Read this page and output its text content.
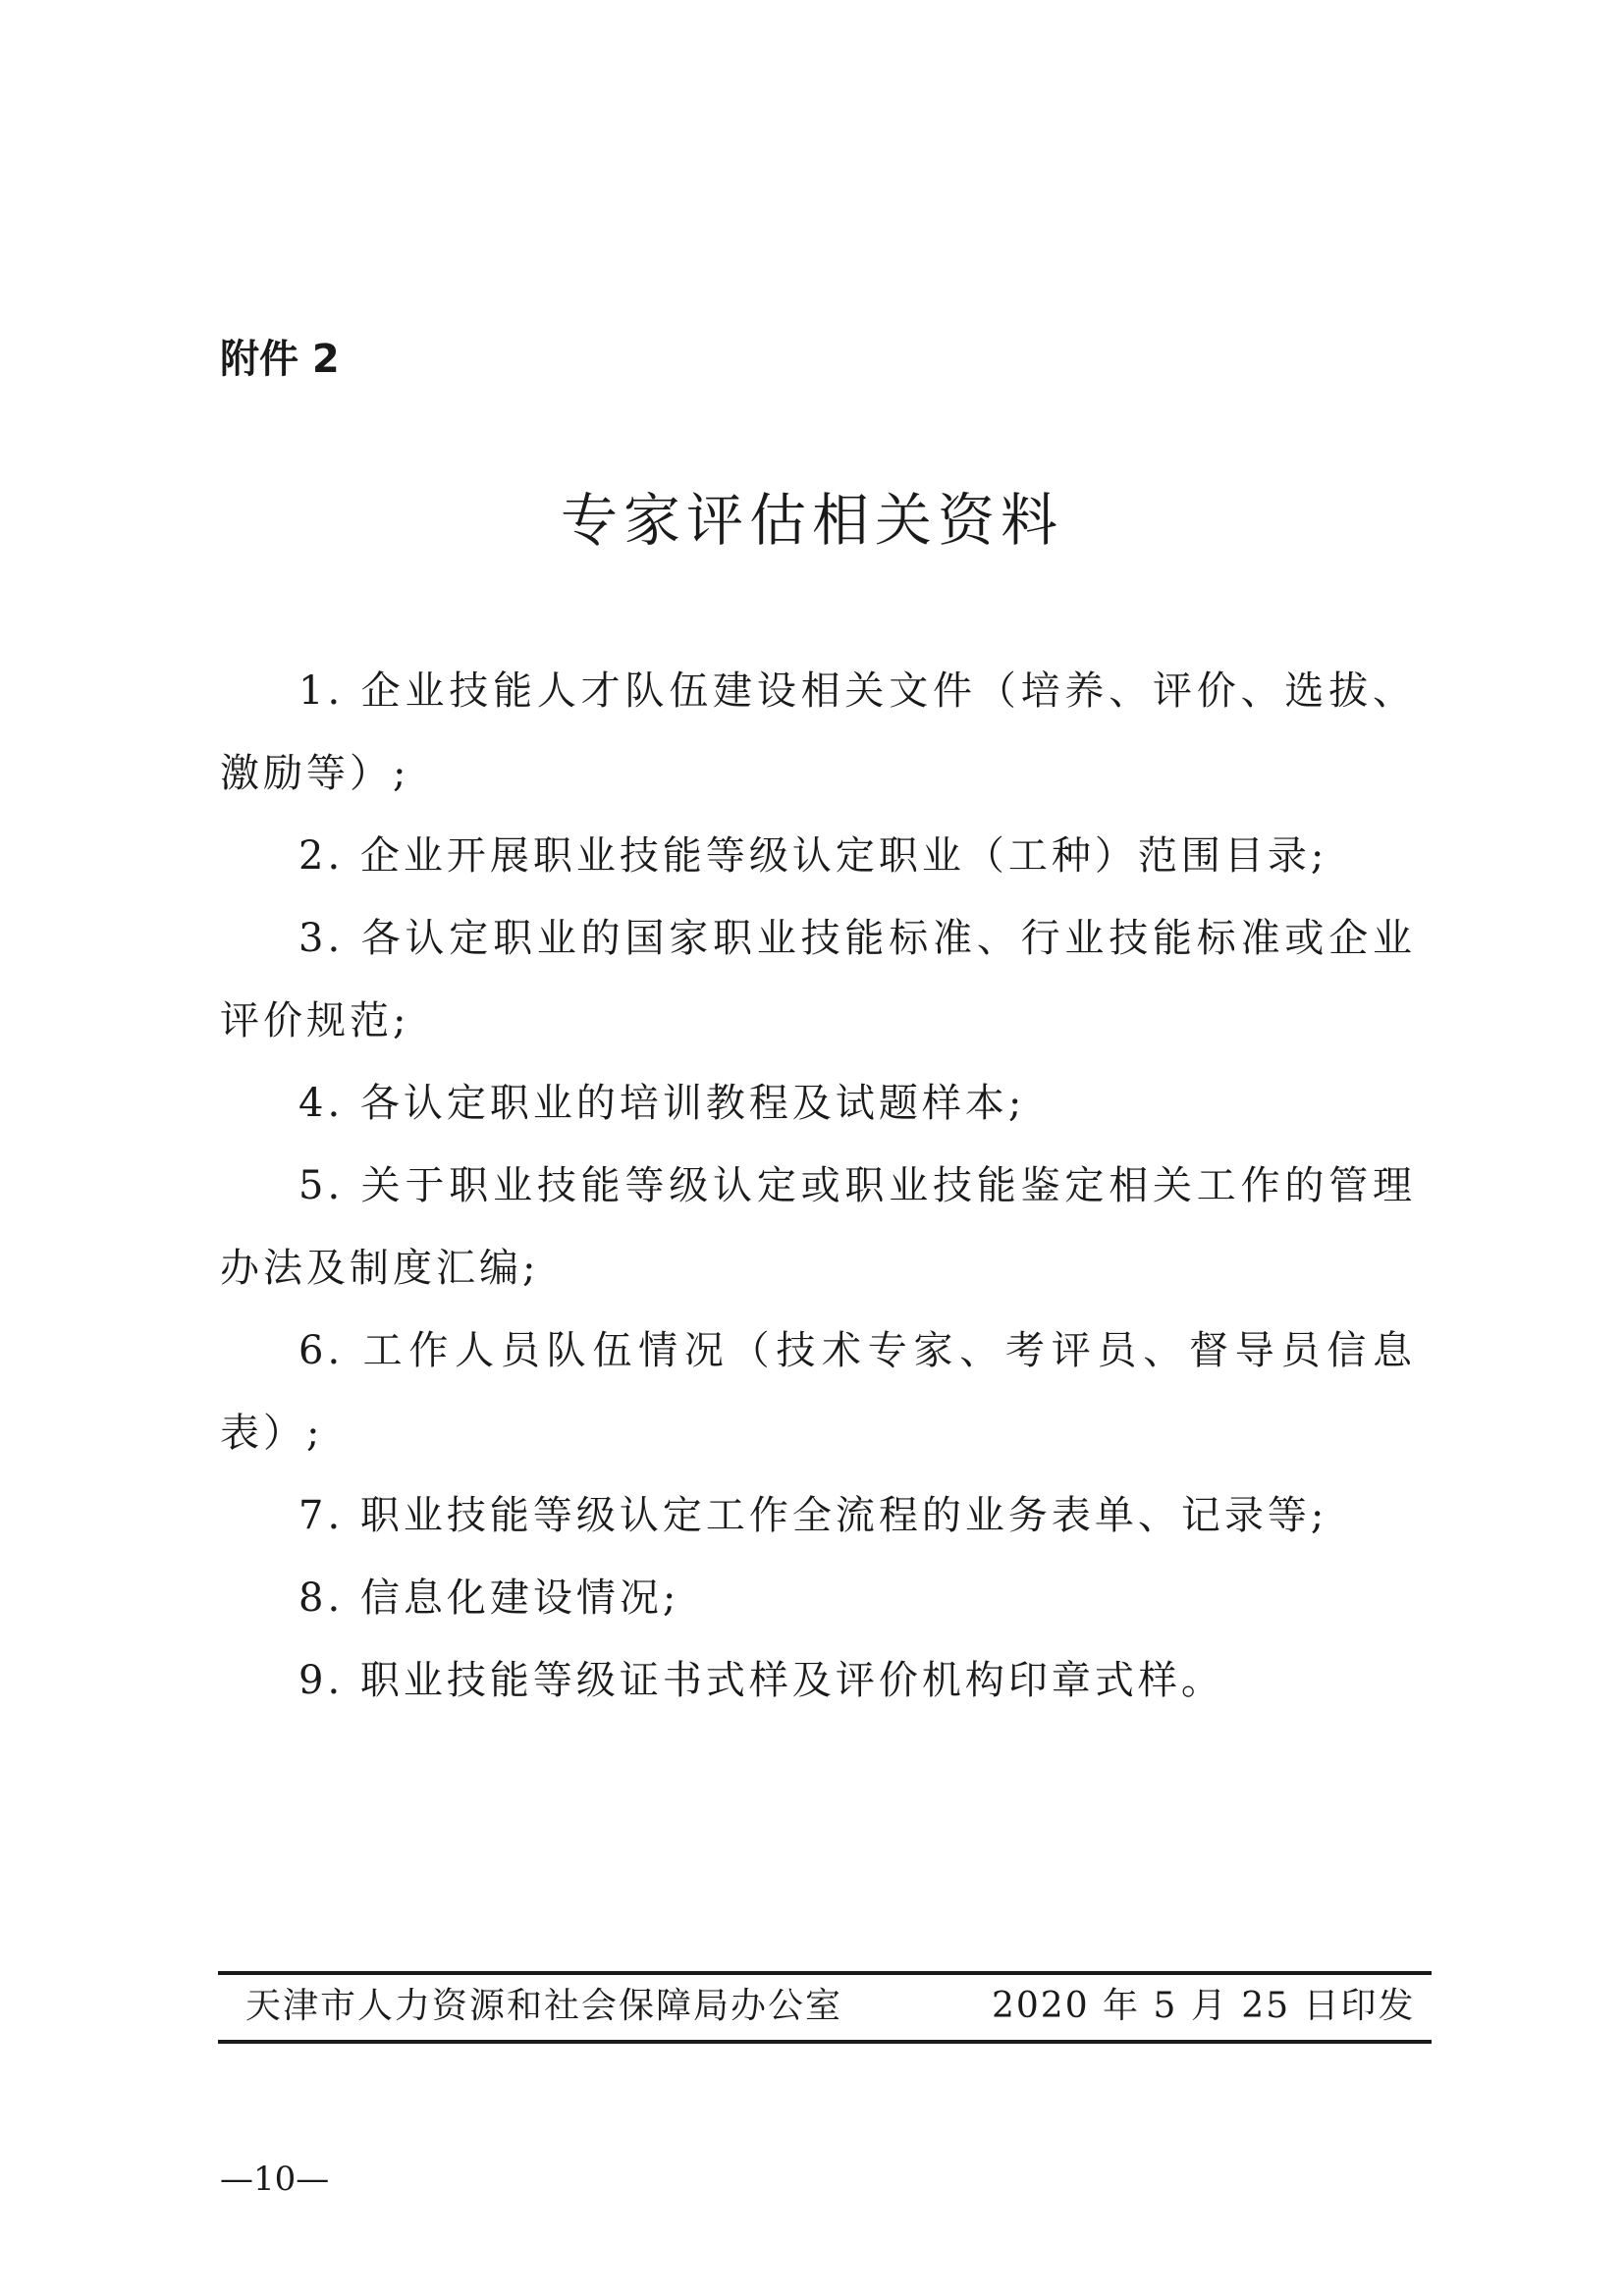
附件 2
专家评估相关资料
1. 企业技能人才队伍建设相关文件（培养、评价、选拔、激励等）;
2. 企业开展职业技能等级认定职业（工种）范围目录;
3. 各认定职业的国家职业技能标准、行业技能标准或企业评价规范;
4. 各认定职业的培训教程及试题样本;
5. 关于职业技能等级认定或职业技能鉴定相关工作的管理办法及制度汇编;
6. 工作人员队伍情况（技术专家、考评员、督导员信息表）;
7. 职业技能等级认定工作全流程的业务表单、记录等;
8. 信息化建设情况;
9. 职业技能等级证书式样及评价机构印章式样。
天津市人力资源和社会保障局办公室	2020 年 5 月 25 日印发
—10—
